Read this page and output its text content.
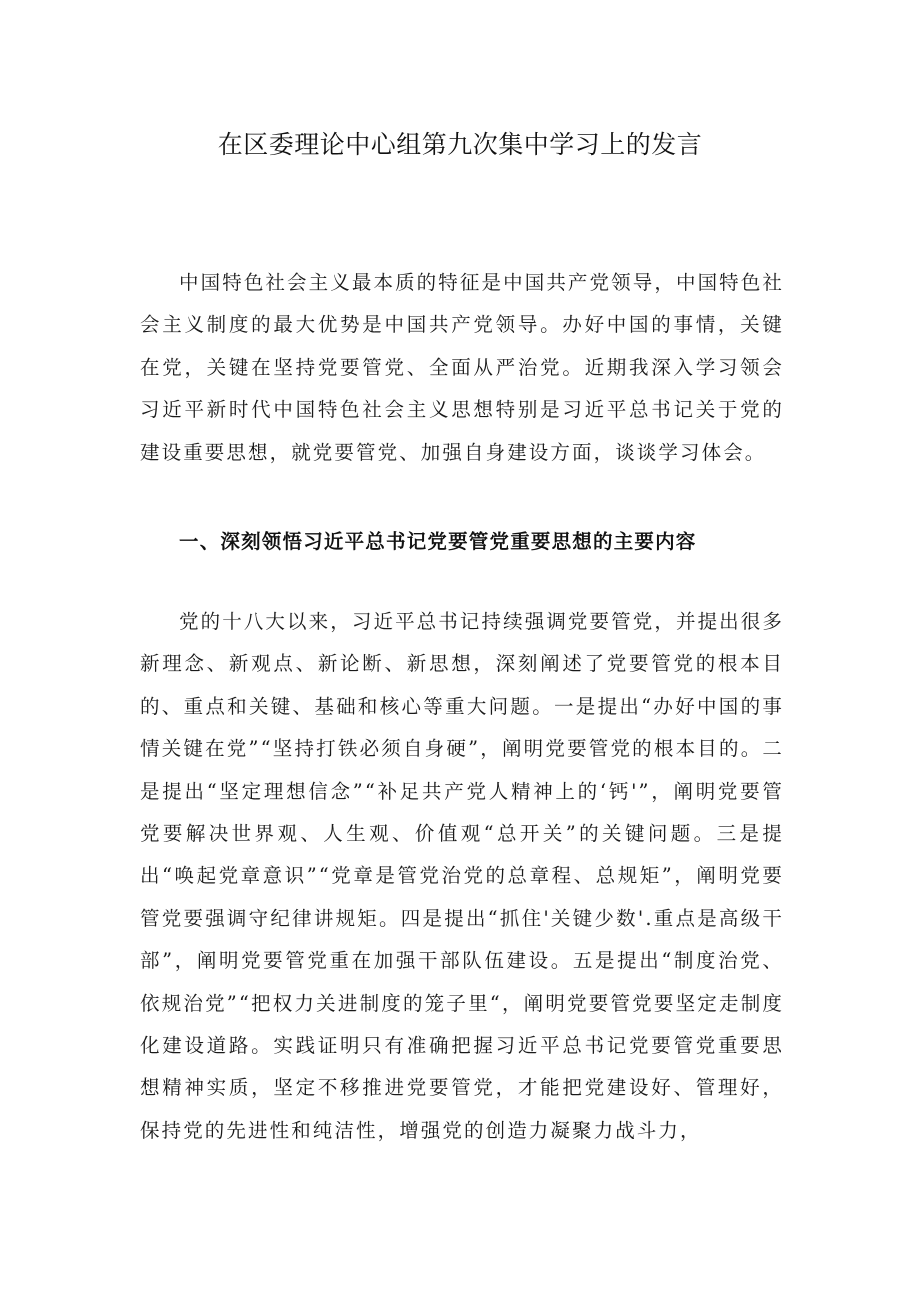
在区委理论中心组第九次集中学习上的发言

中国特色社会主义最本质的特征是中国共产党领导，中国特色社会主义制度的最大优势是中国共产党领导。办好中国的事情，关键在党，关键在坚持党要管党、全面从严治党。近期我深入学习领会习近平新时代中国特色社会主义思想特别是习近平总书记关于党的建设重要思想，就党要管党、加强自身建设方面，谈谈学习体会。

一、深刻领悟习近平总书记党要管党重要思想的主要内容

党的十八大以来，习近平总书记持续强调党要管党，并提出很多新理念、新观点、新论断、新思想，深刻阐述了党要管党的根本目的、重点和关键、基础和核心等重大问题。一是提出“办好中国的事情关键在党”“坚持打铁必须自身硬”，阐明党要管党的根本目的。二是提出“坚定理想信念”“补足共产党人精神上的‘钙'”，阐明党要管党要解决世界观、人生观、价值观“总开关”的关键问题。三是提出“唤起党章意识”“党章是管党治党的总章程、总规矩”，阐明党要管党要强调守纪律讲规矩。四是提出“抓住'关键少数'.重点是高级干部”，阐明党要管党重在加强干部队伍建设。五是提出“制度治党、依规治党”“把权力关进制度的笼子里“，阐明党要管党要坚定走制度化建设道路。实践证明只有准确把握习近平总书记党要管党重要思想精神实质，坚定不移推进党要管党，才能把党建设好、管理好，保持党的先进性和纯洁性，增强党的创造力凝聚力战斗力，
